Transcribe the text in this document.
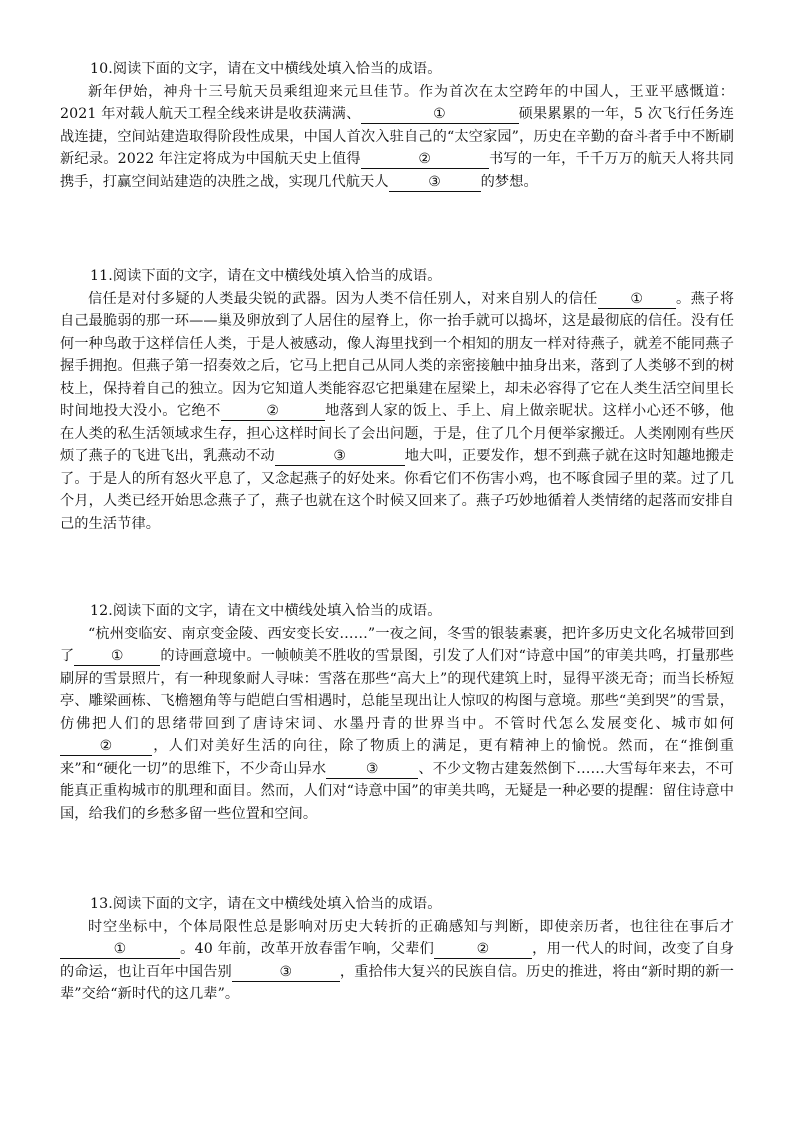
10.阅读下面的文字，请在文中横线处填入恰当的成语。

新年伊始，神舟十三号航天员乘组迎来元旦佳节。作为首次在太空跨年的中国人，王亚平感慨道：2021 年对载人航天工程全线来讲是收获满满、	①	硕果累累的一年，5 次飞行任务连战连捷，空间站建造取得阶段性成果，中国人首次入驻自己的“太空家园”，历史在辛勤的奋斗者手中不断刷新纪录。2022 年注定将成为中国航天史上值得	②	书写的一年，千千万万的航天人将共同携手，打赢空间站建造的决胜之战，实现几代航天人	③	的梦想。

11.阅读下面的文字，请在文中横线处填入恰当的成语。

信任是对付多疑的人类最尖锐的武器。因为人类不信任别人，对来自别人的信任 ① 。燕子将自己最脆弱的那一环——巢及卵放到了人居住的屋脊上，你一抬手就可以捣坏，这是最彻底的信任。没有任何一种鸟敢于这样信任人类，于是人被感动，像人海里找到一个相知的朋友一样对待燕子，就差不能同燕子握手拥抱。但燕子第一招奏效之后，它马上把自己从同人类的亲密接触中抽身出来，落到了人类够不到的树枝上，保持着自己的独立。因为它知道人类能容忍它把巢建在屋梁上，却未必容得了它在人类生活空间里长时间地投大没小。它绝不	②	地落到人家的饭上、手上、肩上做亲昵状。这样小心还不够，他在人类的私生活领域求生存，担心这样时间长了会出问题，于是，住了几个月便举家搬迁。人类刚刚有些厌烦了燕子的飞进飞出，乳燕动不动	③	地大叫，正要发作，想不到燕子就在这时知趣地搬走了。于是人的所有怒火平息了，又念起燕子的好处来。你看它们不伤害小鸡，也不啄食园子里的菜。过了几个月，人类已经开始思念燕子了，燕子也就在这个时候又回来了。燕子巧妙地循着人类情绪的起落而安排自己的生活节律。

12.阅读下面的文字，请在文中横线处填入恰当的成语。

“杭州变临安、南京变金陵、西安变长安……”一夜之间，冬雪的银装素裹，把许多历史文化名城带回到了	①	的诗画意境中。一帧帧美不胜收的雪景图，引发了人们对“诗意中国”的审美共鸣，打量那些刷屏的雪景照片，有一种现象耐人寻味：雪落在那些“高大上”的现代建筑上时，显得平淡无奇；而当长桥短亭、雕梁画栋、飞檐翘角等与皑皑白雪相遇时，总能呈现出让人惊叹的构图与意境。那些“美到哭”的雪景，仿佛把人们的思绪带回到了唐诗宋词、水墨丹青的世界当中。不管时代怎么发展变化、城市如何②	，人们对美好生活的向往，除了物质上的满足，更有精神上的愉悦。然而，在“推倒重来”和“硬化一切”的思维下，不少奇山异水	③	、不少文物古建轰然倒下……大雪每年来去，不可能真正重构城市的肌理和面目。然而，人们对“诗意中国”的审美共鸣，无疑是一种必要的提醒：留住诗意中国，给我们的乡愁多留一些位置和空间。

13.阅读下面的文字，请在文中横线处填入恰当的成语。

时空坐标中，个体局限性总是影响对历史大转折的正确感知与判断，即使亲历者，也往往在事后才①	。40 年前，改革开放春雷乍响，父辈们	②	，用一代人的时间，改变了自身的命运，也让百年中国告别	③	，重拾伟大复兴的民族自信。历史的推进，将由“新时期的新一辈”交给“新时代的这几辈”。
